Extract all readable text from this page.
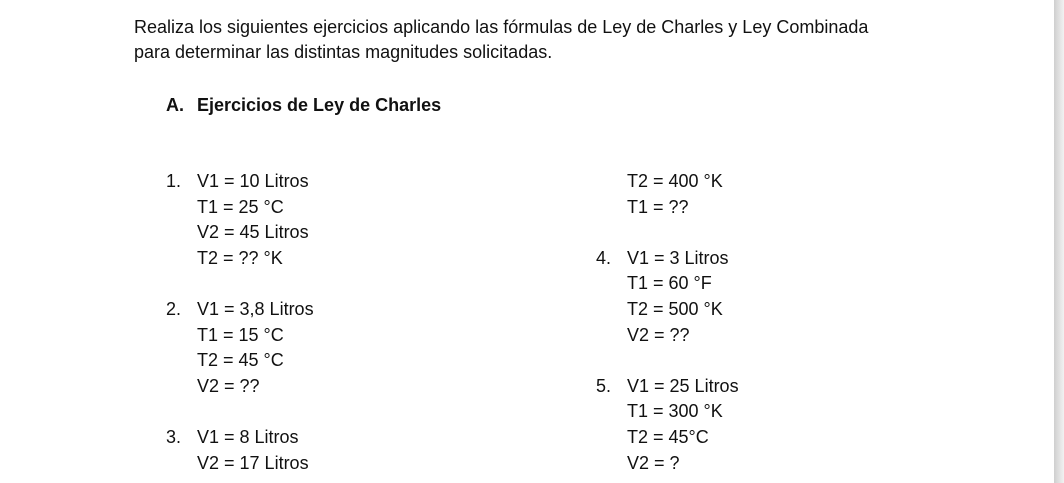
Realiza los siguientes ejercicios aplicando las fórmulas de Ley de Charles y Ley Combinada
para determinar las distintas magnitudes solicitadas.
A. Ejercicios de Ley de Charles
1. V1 = 10 Litros
T1 = 25 °C
V2 = 45 Litros
T2 = ?? °K
2. V1 = 3,8 Litros
T1 = 15 °C
T2 = 45 °C
V2 = ??
3. V1 = 8 Litros
V2 = 17 Litros
T2 = 400 °K
T1 = ??
4. V1 = 3 Litros
T1 = 60 °F
T2 = 500 °K
V2 = ??
5. V1 = 25 Litros
T1 = 300 °K
T2 = 45°C
V2 = ?
